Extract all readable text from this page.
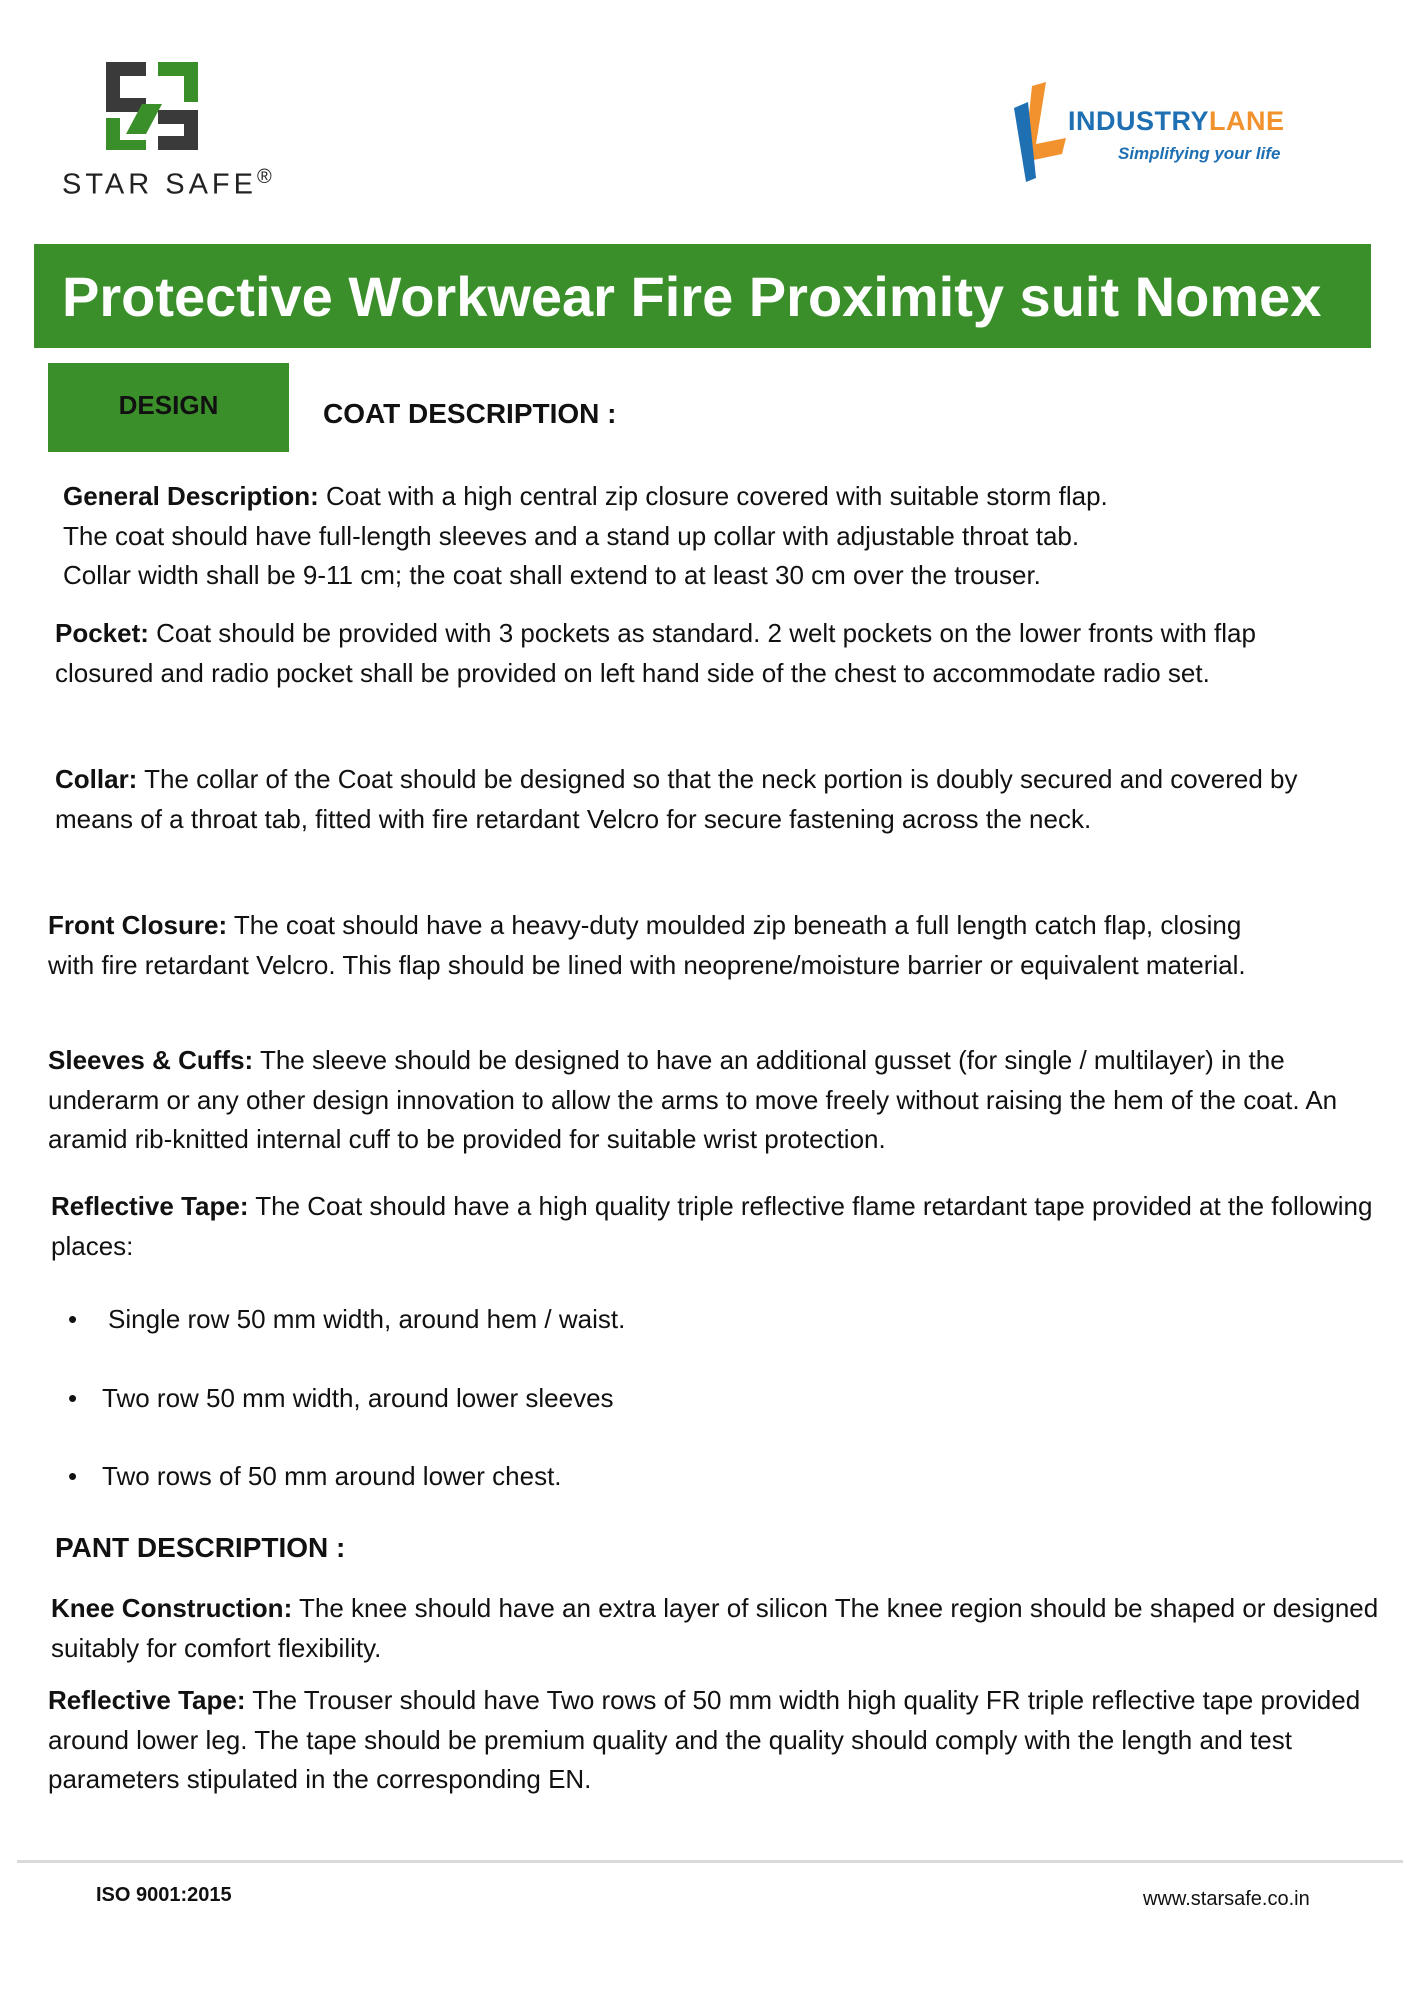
STAR SAFE®
INDUSTRYLANE
Simplifying your life
Protective Workwear Fire Proximity suit Nomex
DESIGN	COAT DESCRIPTION :
General Description: Coat with a high central zip closure covered with suitable storm flap.
The coat should have full-length sleeves and a stand up collar with adjustable throat tab.
Collar width shall be 9-11 cm; the coat shall extend to at least 30 cm over the trouser.
Pocket: Coat should be provided with 3 pockets as standard. 2 welt pockets on the lower fronts with flap closured and radio pocket shall be provided on left hand side of the chest to accommodate radio set.
Collar: The collar of the Coat should be designed so that the neck portion is doubly secured and covered by means of a throat tab, fitted with fire retardant Velcro for secure fastening across the neck.
Front Closure: The coat should have a heavy-duty moulded zip beneath a full length catch flap, closing with fire retardant Velcro. This flap should be lined with neoprene/moisture barrier or equivalent material.
Sleeves & Cuffs: The sleeve should be designed to have an additional gusset (for single / multilayer) in the underarm or any other design innovation to allow the arms to move freely without raising the hem of the coat. An aramid rib-knitted internal cuff to be provided for suitable wrist protection.
Reflective Tape: The Coat should have a high quality triple reflective flame retardant tape provided at the following places:
• Single row 50 mm width, around hem / waist.
• Two row 50 mm width, around lower sleeves
• Two rows of 50 mm around lower chest.
PANT DESCRIPTION :
Knee Construction: The knee should have an extra layer of silicon The knee region should be shaped or designed suitably for comfort flexibility.
Reflective Tape: The Trouser should have Two rows of 50 mm width high quality FR triple reflective tape provided around lower leg. The tape should be premium quality and the quality should comply with the length and test parameters stipulated in the corresponding EN.
ISO 9001:2015	www.starsafe.co.in
